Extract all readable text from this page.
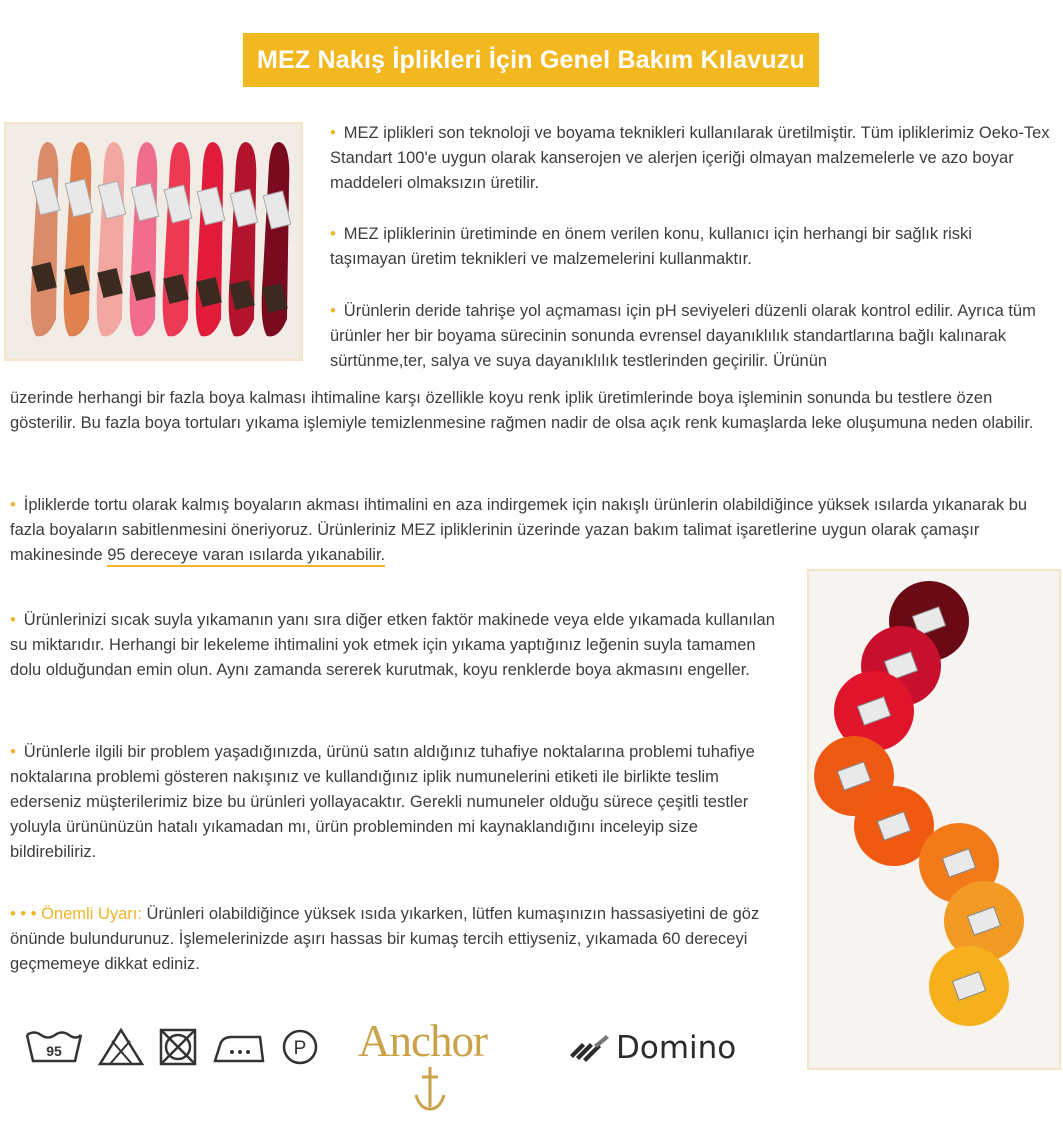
MEZ Nakış İplikleri İçin Genel Bakım Kılavuzu

• MEZ iplikleri son teknoloji ve boyama teknikleri kullanılarak üretilmiştir. Tüm ipliklerimiz Oeko-Tex Standart 100'e uygun olarak kanserojen ve alerjen içeriği olmayan malzemelerle ve azo boyar maddeleri olmaksızın üretilir.

• MEZ ipliklerinin üretiminde en önem verilen konu, kullanıcı için herhangi bir sağlık riski taşımayan üretim teknikleri ve malzemelerini kullanmaktır.

• Ürünlerin deride tahrişe yol açmaması için pH seviyeleri düzenli olarak kontrol edilir. Ayrıca tüm ürünler her bir boyama sürecinin sonunda evrensel dayanıklılık standartlarına bağlı kalınarak sürtünme,ter, salya ve suya dayanıklılık testlerinden geçirilir. Ürünün

üzerinde herhangi bir fazla boya kalması ihtimaline karşı özellikle koyu renk iplik üretimlerinde boya işleminin sonunda bu testlere özen gösterilir. Bu fazla boya tortuları yıkama işlemiyle temizlenmesine rağmen nadir de olsa açık renk kumaşlarda leke oluşumuna neden olabilir.

• İpliklerde tortu olarak kalmış boyaların akması ihtimalini en aza indirgemek için nakışlı ürünlerin olabildiğince yüksek ısılarda yıkanarak bu fazla boyaların sabitlenmesini öneriyoruz. Ürünleriniz MEZ ipliklerinin üzerinde yazan bakım talimat işaretlerine uygun olarak çamaşır makinesinde 95 dereceye varan ısılarda yıkanabilir.

• Ürünlerinizi sıcak suyla yıkamanın yanı sıra diğer etken faktör makinede veya elde yıkamada kullanılan su miktarıdır. Herhangi bir lekeleme ihtimalini yok etmek için yıkama yaptığınız leğenin suyla tamamen dolu olduğundan emin olun. Aynı zamanda sererek kurutmak, koyu renklerde boya akmasını engeller.

• Ürünlerle ilgili bir problem yaşadığınızda, ürünü satın aldığınız tuhafiye noktalarına problemi tuhafiye noktalarına problemi gösteren nakışınız ve kullandığınız iplik numunelerini etiketi ile birlikte teslim ederseniz müşterilerimiz bize bu ürünleri yollayacaktır. Gerekli numuneler olduğu sürece çeşitli testler yoluyla ürününüzün hatalı yıkamadan mı, ürün probleminden mi kaynaklandığını inceleyip size bildirebiliriz.

• • • Önemli Uyarı: Ürünleri olabildiğince yüksek ısıda yıkarken, lütfen kumaşınızın hassasiyetini de göz önünde bulundurunuz. İşlemelerinizde aşırı hassas bir kumaş tercih ettiyseniz, yıkamada 60 dereceyi geçmemeye dikkat ediniz.

95	P Anchor	Domino
